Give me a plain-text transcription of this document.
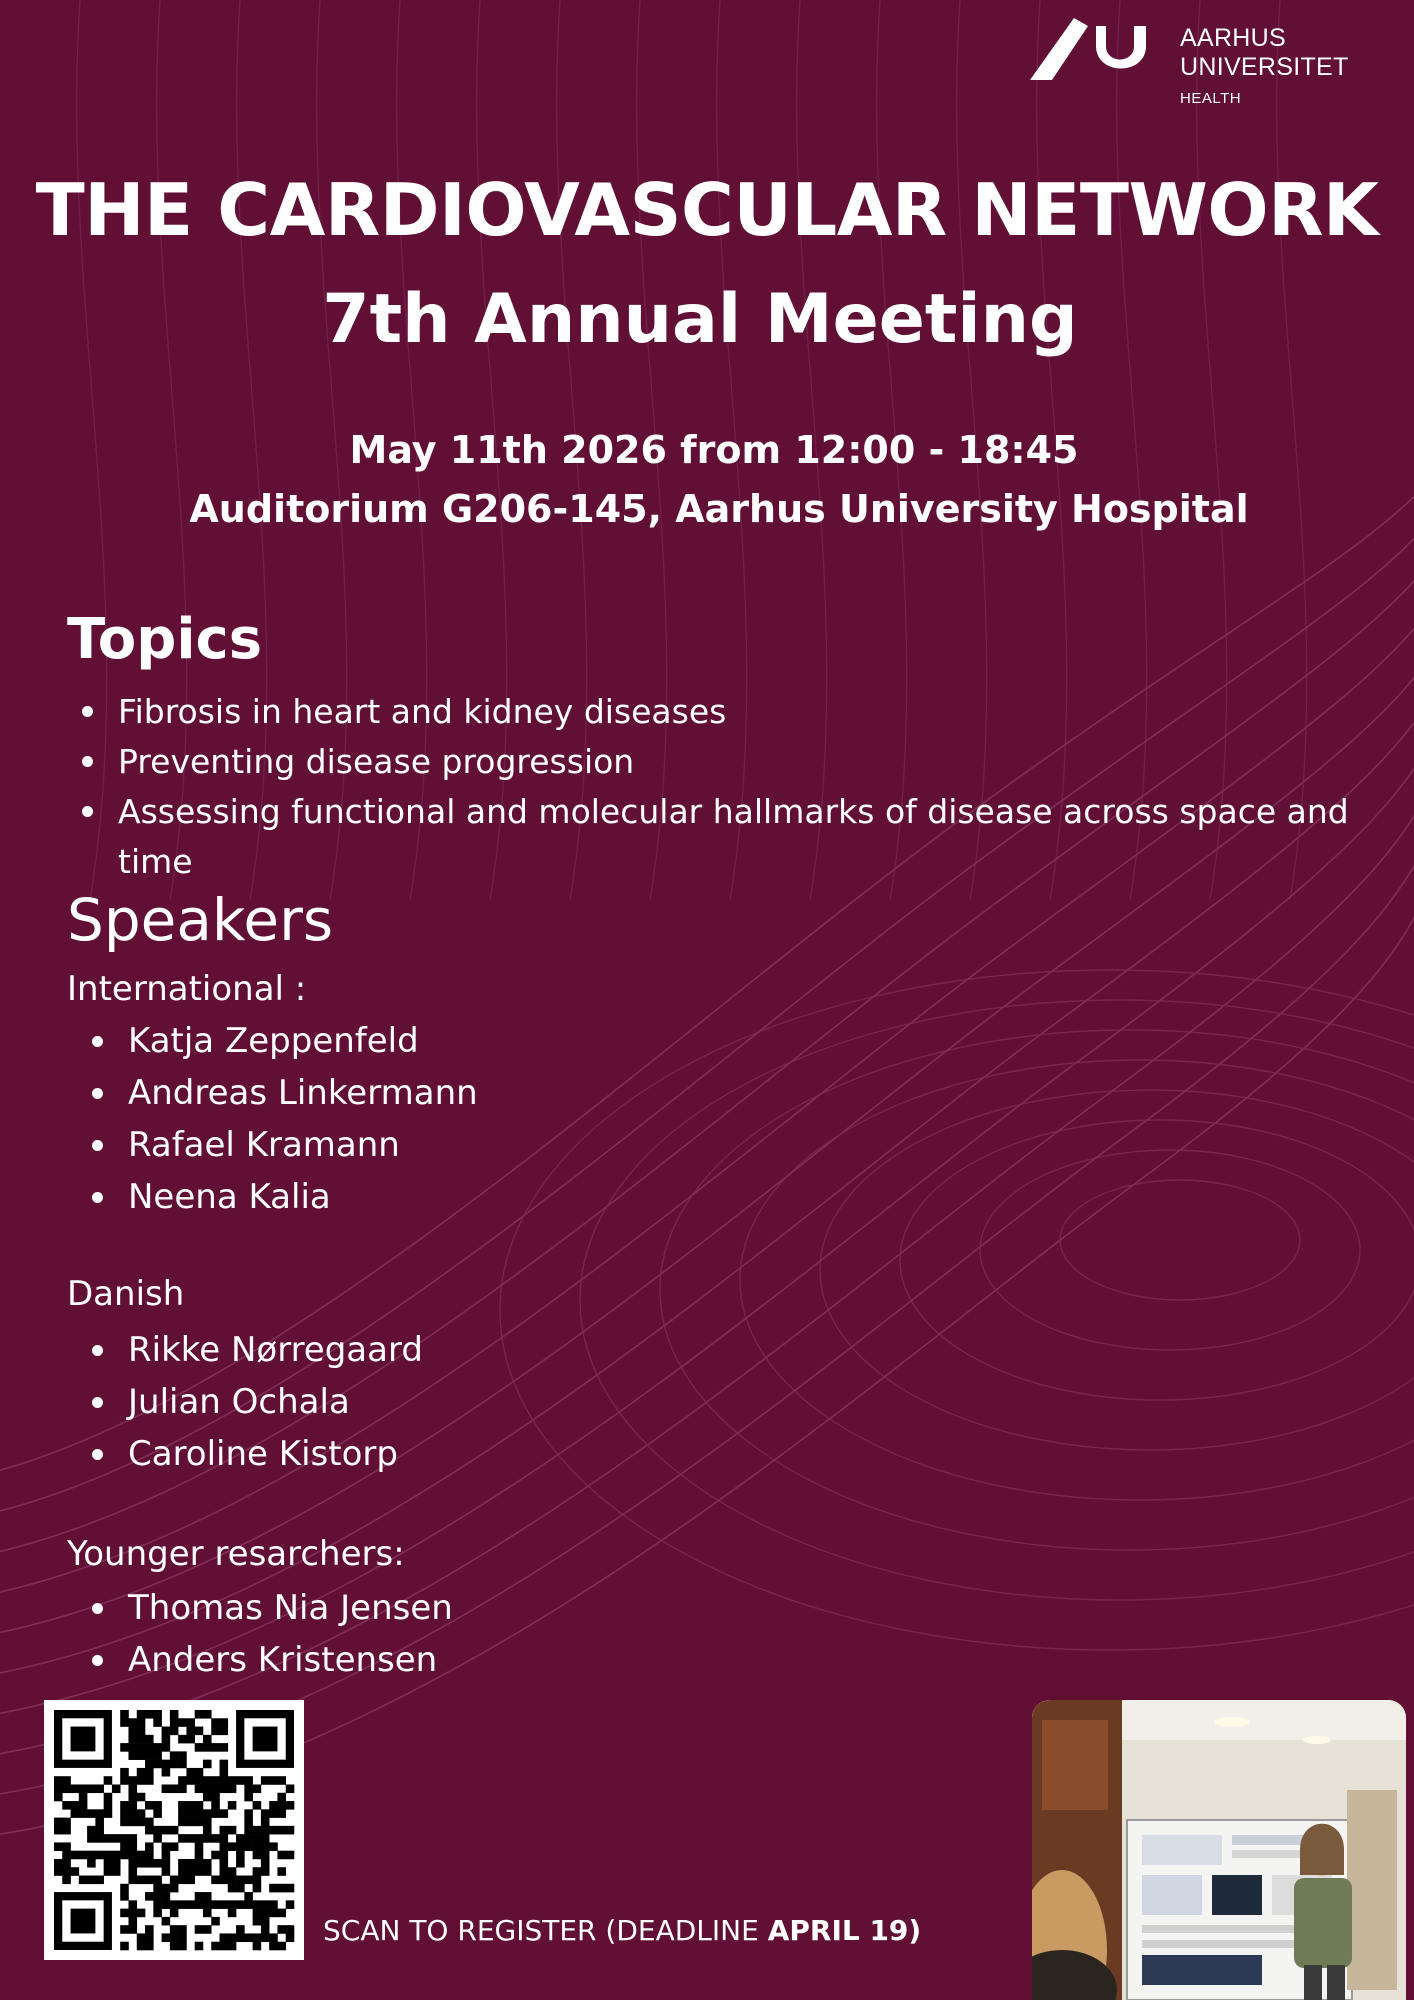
AARHUS
UNIVERSITET
HEALTH
THE CARDIOVASCULAR NETWORK
7th Annual Meeting
May 11th 2026 from 12:00 - 18:45
Auditorium G206-145, Aarhus University Hospital
Topics
Fibrosis in heart and kidney diseases
Preventing disease progression
Assessing functional and molecular hallmarks of disease across space and time
Speakers
International :
Katja Zeppenfeld
Andreas Linkermann
Rafael Kramann
Neena Kalia
Danish
Rikke Nørregaard
Julian Ochala
Caroline Kistorp
Younger resarchers:
Thomas Nia Jensen
Anders Kristensen
SCAN TO REGISTER (DEADLINE APRIL 19)
